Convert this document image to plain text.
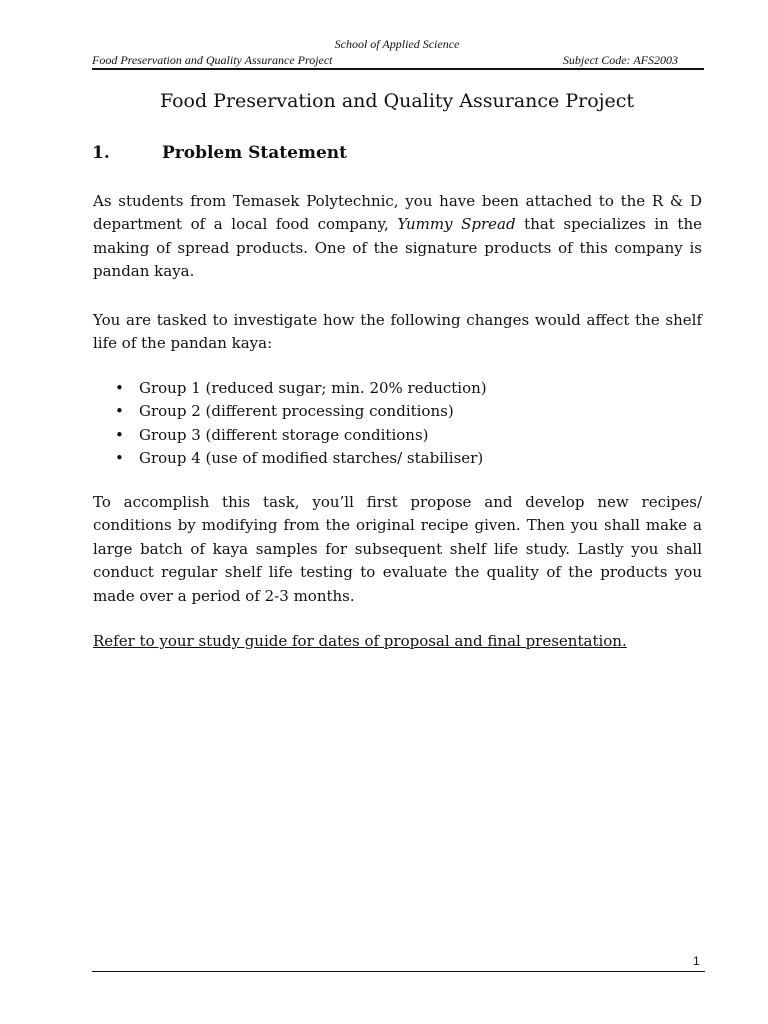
School of Applied Science
Food Preservation and Quality Assurance Project	Subject Code: AFS2003
Food Preservation and Quality Assurance Project
1.	Problem Statement

As students from Temasek Polytechnic, you have been attached to the R & D department of a local food company, Yummy Spread that specializes in the making of spread products. One of the signature products of this company is pandan kaya.

You are tasked to investigate how the following changes would affect the shelf life of the pandan kaya:

• Group 1 (reduced sugar; min. 20% reduction)
• Group 2 (different processing conditions)
• Group 3 (different storage conditions)
• Group 4 (use of modified starches/ stabiliser)

To accomplish this task, you’ll first propose and develop new recipes/ conditions by modifying from the original recipe given. Then you shall make a large batch of kaya samples for subsequent shelf life study. Lastly you shall conduct regular shelf life testing to evaluate the quality of the products you made over a period of 2-3 months.

Refer to your study guide for dates of proposal and final presentation.

1
